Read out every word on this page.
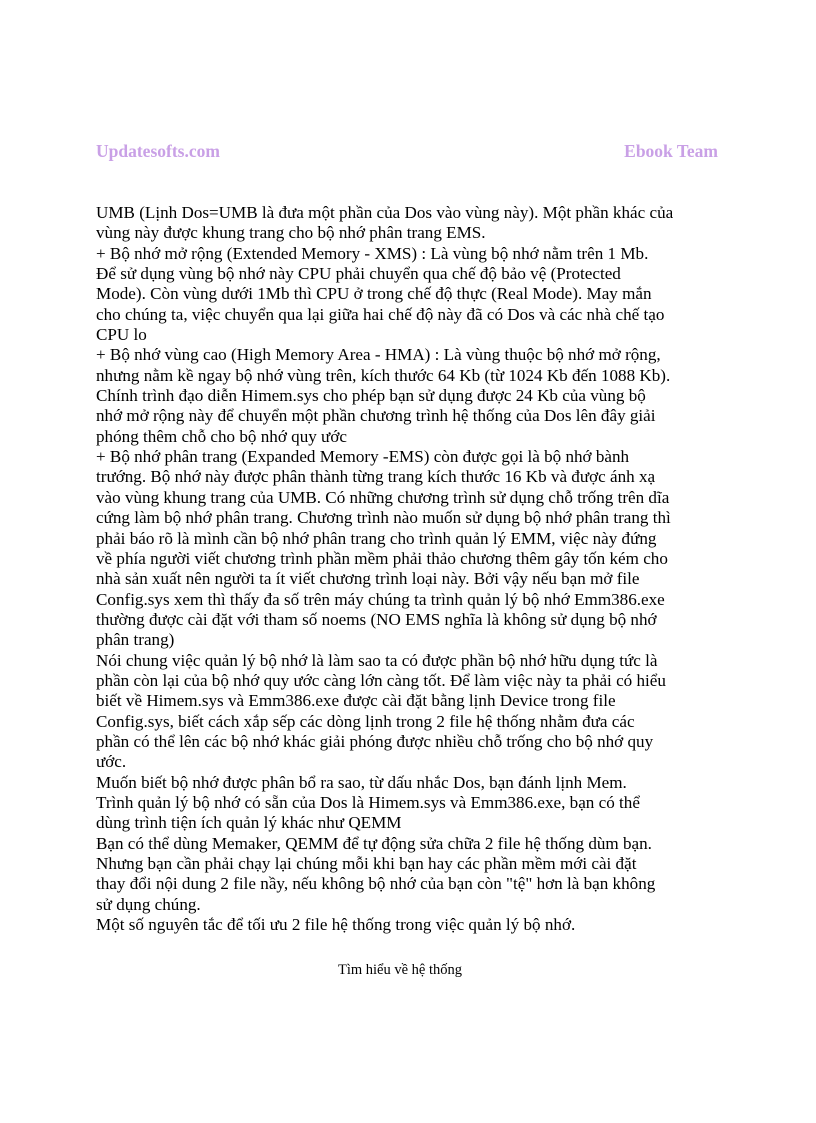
Updatesofts.com	Ebook Team
UMB (Lịnh Dos=UMB là đưa một phần của Dos vào vùng này). Một phần khác của
vùng này được khung trang cho bộ nhớ phân trang EMS.
+ Bộ nhớ mở rộng (Extended Memory - XMS) : Là vùng bộ nhớ nằm trên 1 Mb.
Để sử dụng vùng bộ nhớ này CPU phải chuyển qua chế độ bảo vệ (Protected
Mode). Còn vùng dưới 1Mb thì CPU ở trong chế độ thực (Real Mode). May mắn
cho chúng ta, việc chuyển qua lại giữa hai chế độ này đã có Dos và các nhà chế tạo
CPU lo
+ Bộ nhớ vùng cao (High Memory Area - HMA) : Là vùng thuộc bộ nhớ mở rộng,
nhưng nằm kề ngay bộ nhớ vùng trên, kích thước 64 Kb (từ 1024 Kb đến 1088 Kb).
Chính trình đạo diễn Himem.sys cho phép bạn sử dụng được 24 Kb của vùng bộ
nhớ mở rộng này để chuyển một phần chương trình hệ thống của Dos lên đây giải
phóng thêm chỗ cho bộ nhớ quy ước
+ Bộ nhớ phân trang (Expanded Memory -EMS) còn được gọi là bộ nhớ bành
trướng. Bộ nhớ này được phân thành từng trang kích thước 16 Kb và được ánh xạ
vào vùng khung trang của UMB. Có những chương trình sử dụng chỗ trống trên dĩa
cứng làm bộ nhớ phân trang. Chương trình nào muốn sử dụng bộ nhớ phân trang thì
phải báo rõ là mình cần bộ nhớ phân trang cho trình quản lý EMM, việc này đứng
về phía người viết chương trình phần mềm phải thảo chương thêm gây tốn kém cho
nhà sản xuất nên người ta ít viết chương trình loại này. Bởi vậy nếu bạn mở file
Config.sys xem thì thấy đa số trên máy chúng ta trình quản lý bộ nhớ Emm386.exe
thường được cài đặt với tham số noems (NO EMS nghĩa là không sử dụng bộ nhớ
phân trang)
Nói chung việc quản lý bộ nhớ là làm sao ta có được phần bộ nhớ hữu dụng tức là
phần còn lại của bộ nhớ quy ước càng lớn càng tốt. Để làm việc này ta phải có hiểu
biết về Himem.sys và Emm386.exe được cài đặt bằng lịnh Device trong file
Config.sys, biết cách xắp sếp các dòng lịnh trong 2 file hệ thống nhằm đưa các
phần có thể lên các bộ nhớ khác giải phóng được nhiều chỗ trống cho bộ nhớ quy
ước.
Muốn biết bộ nhớ được phân bổ ra sao, từ dấu nhắc Dos, bạn đánh lịnh Mem.
Trình quản lý bộ nhớ có sẵn của Dos là Himem.sys và Emm386.exe, bạn có thể
dùng trình tiện ích quản lý khác như QEMM
Bạn có thể dùng Memaker, QEMM để tự động sửa chữa 2 file hệ thống dùm bạn.
Nhưng bạn cần phải chạy lại chúng mỗi khi bạn hay các phần mềm mới cài đặt
thay đổi nội dung 2 file nầy, nếu không bộ nhớ của bạn còn "tệ" hơn là bạn không
sử dụng chúng.
Một số nguyên tắc để tối ưu 2 file hệ thống trong việc quản lý bộ nhớ.
Tìm hiểu về hệ thống
